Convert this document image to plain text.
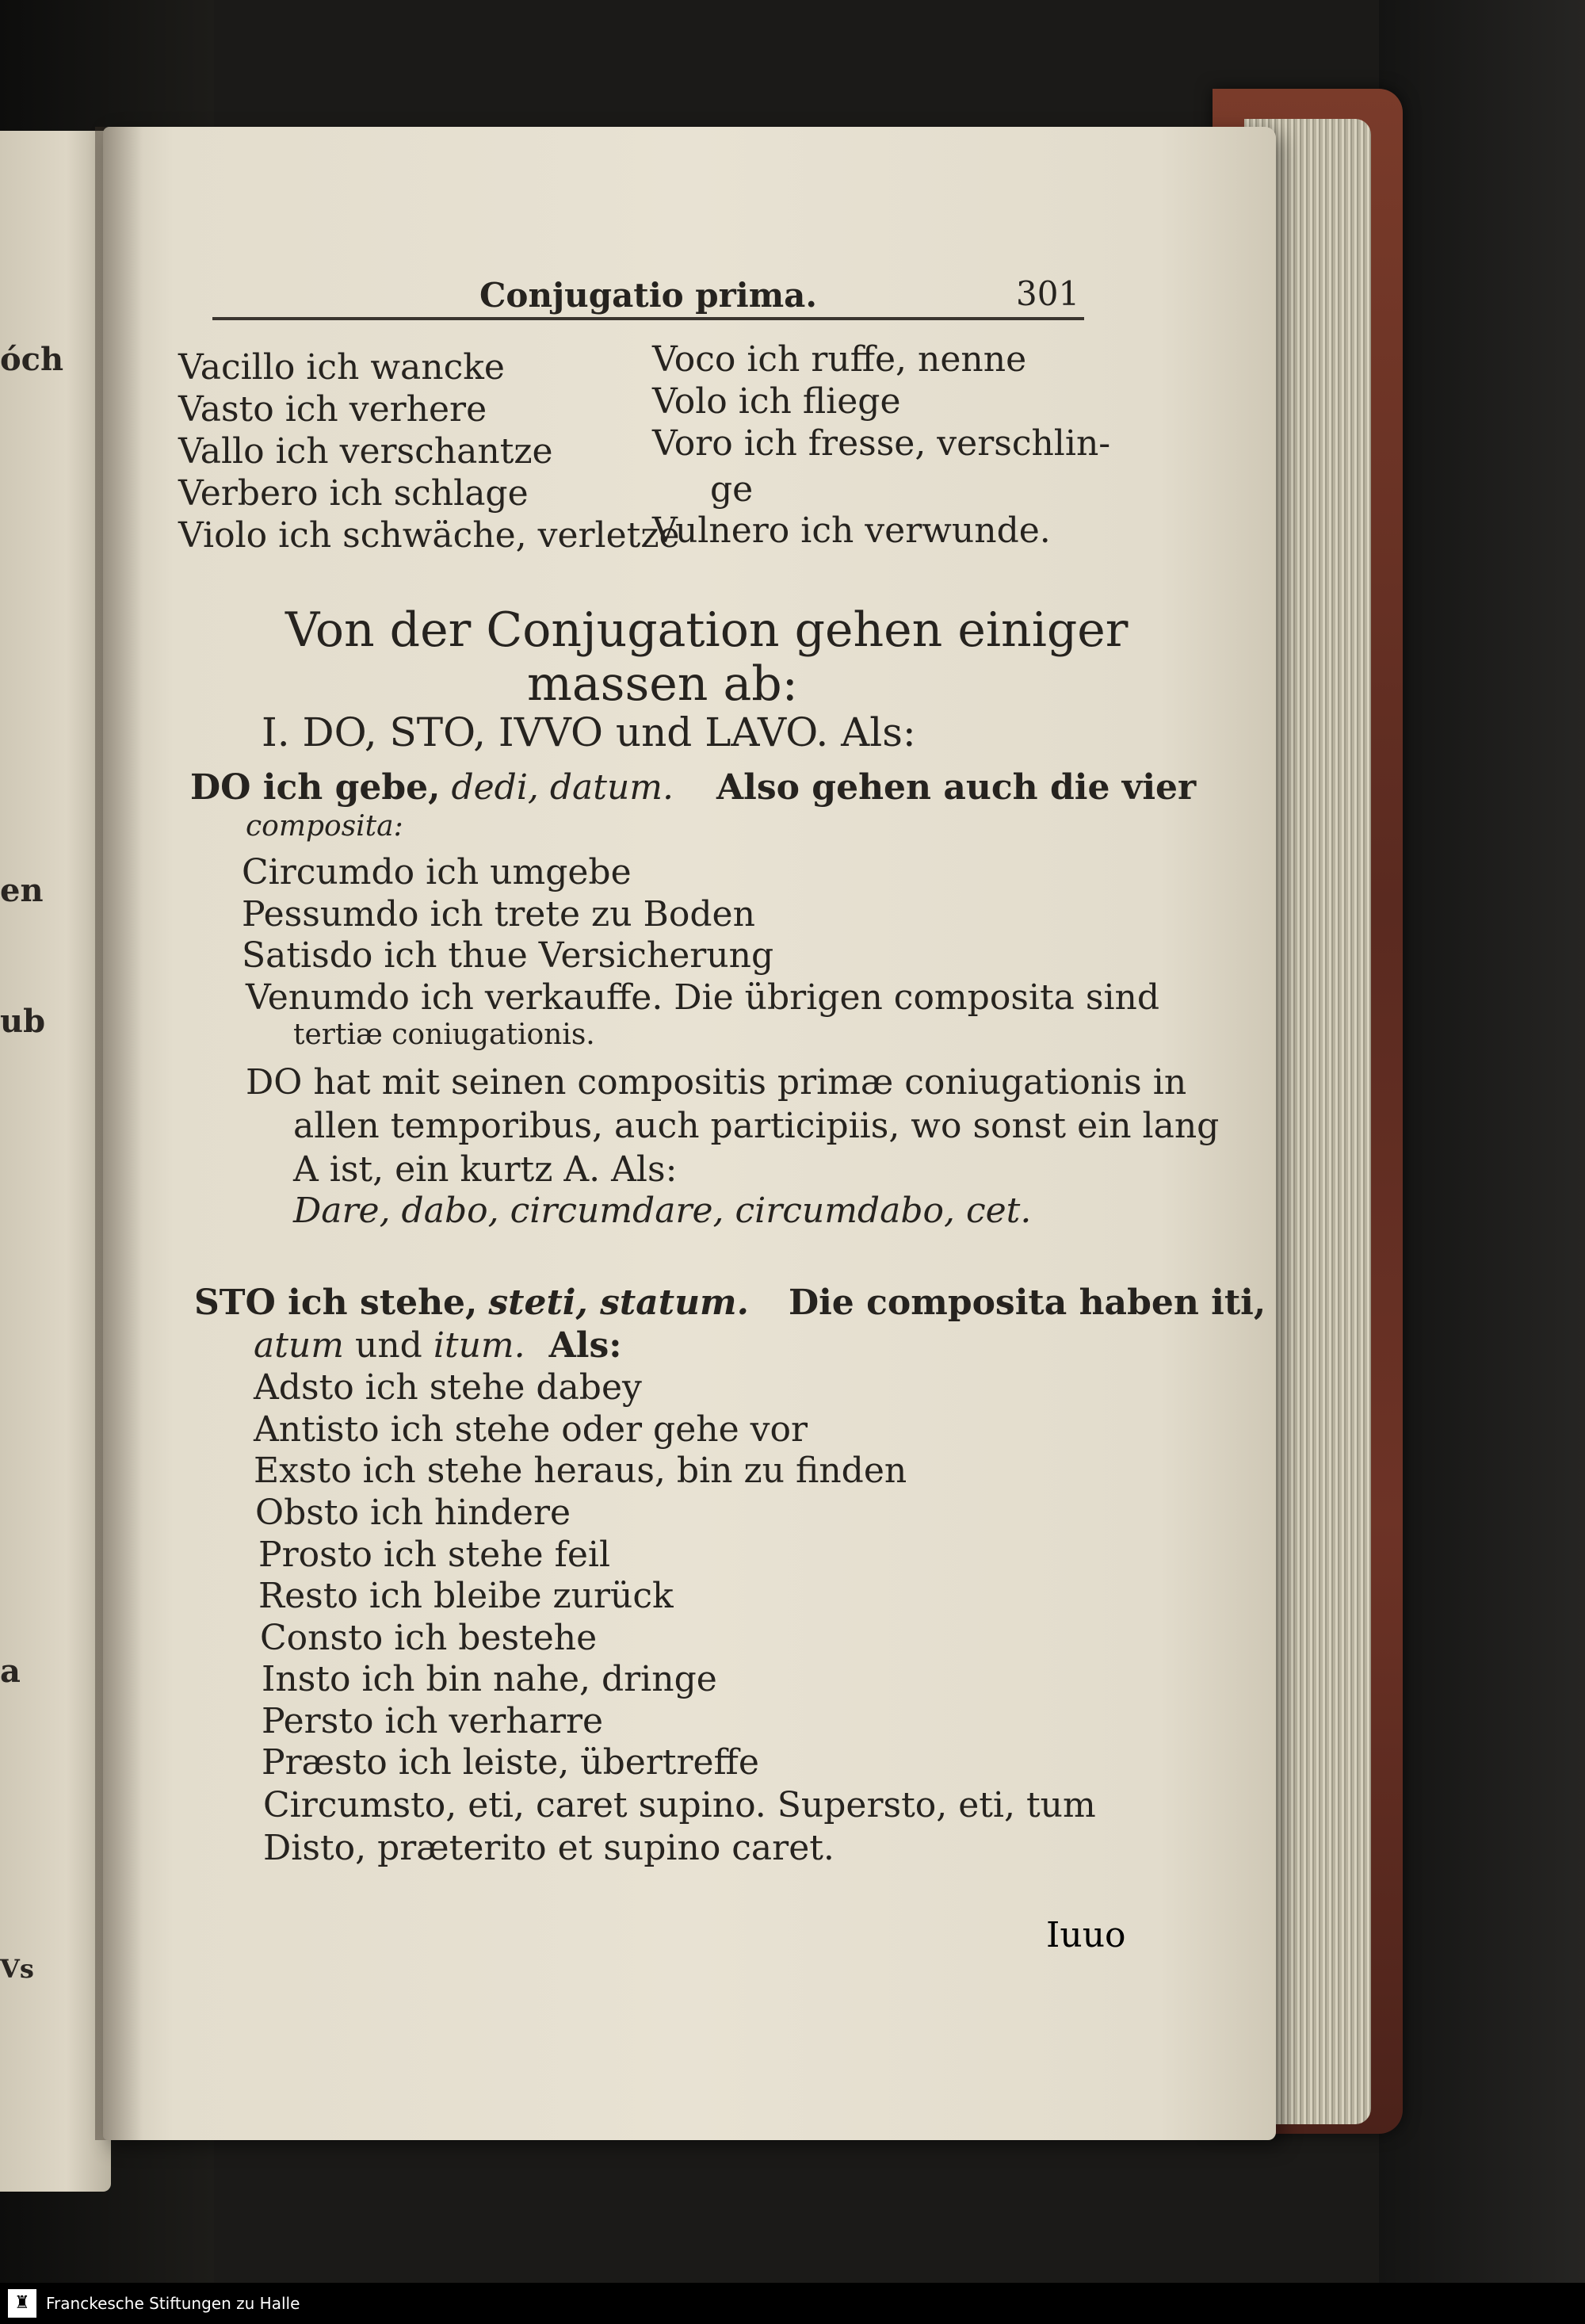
óch
en
ub
a
Vs
Conjugatio prima.	301
Vacillo ich wancke
Vasto ich verhere
Vallo ich verschantze
Verbero ich schlage
Violo ich schwäche, verletze
Voco ich ruffe, nenne
Volo ich fliege
Voro ich fresse, verschlin-
ge
Vulnero ich verwunde.
Von der Conjugation gehen einiger
massen ab:
I. DO, STO, IVVO und LAVO. Als:
DO ich gebe, dedi, datum. Also gehen auch die vier
composita:
Circumdo ich umgebe
Pessumdo ich trete zu Boden
Satisdo ich thue Versicherung
Venumdo ich verkauffe. Die übrigen composita sind
tertiæ coniugationis.
DO hat mit seinen compositis primæ coniugationis in
allen temporibus, auch participiis, wo sonst ein lang
A ist, ein kurtz A. Als:
Dare, dabo, circumdare, circumdabo, cet.
STO ich stehe, steti, statum. Die composita haben iti,
atum und itum. Als:
Adsto ich stehe dabey
Antisto ich stehe oder gehe vor
Exsto ich stehe heraus, bin zu finden
Obsto ich hindere
Prosto ich stehe feil
Resto ich bleibe zurück
Consto ich bestehe
Insto ich bin nahe, dringe
Persto ich verharre
Præsto ich leiste, übertreffe
Circumsto, eti, caret supino. Supersto, eti, tum
Disto, præterito et supino caret.
Iuuo
♜	Franckesche Stiftungen zu Halle
